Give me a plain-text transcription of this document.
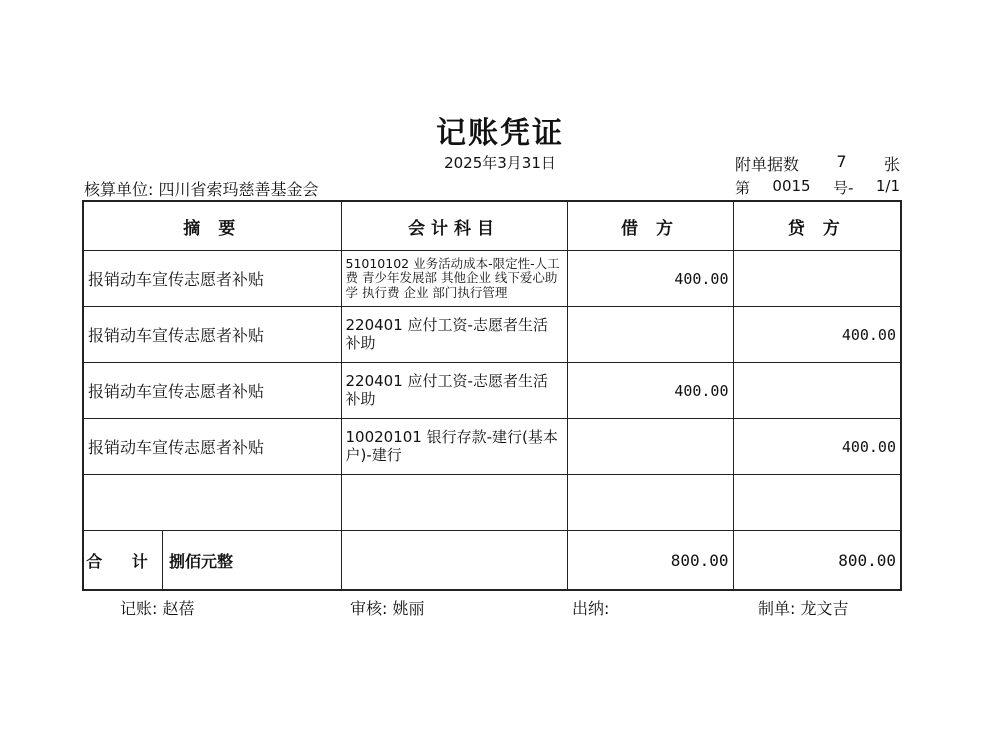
记账凭证
2025年3月31日	附单据数 7 张
核算单位: 四川省索玛慈善基金会	第 0015 号- 1/1
摘 要	会计科目	借 方	贷 方
报销动车宣传志愿者补贴	51010102 业务活动成本-限定性-人工费 青少年发展部 其他企业 线下爱心助学 执行费 企业 部门执行管理	400.00	
报销动车宣传志愿者补贴	220401 应付工资-志愿者生活补助		400.00
报销动车宣传志愿者补贴	220401 应付工资-志愿者生活补助	400.00	
报销动车宣传志愿者补贴	10020101 银行存款-建行(基本户)-建行		400.00

合 计 捌佰元整		800.00	800.00
记账: 赵蓓	审核: 姚丽	出纳:	制单: 龙文吉
